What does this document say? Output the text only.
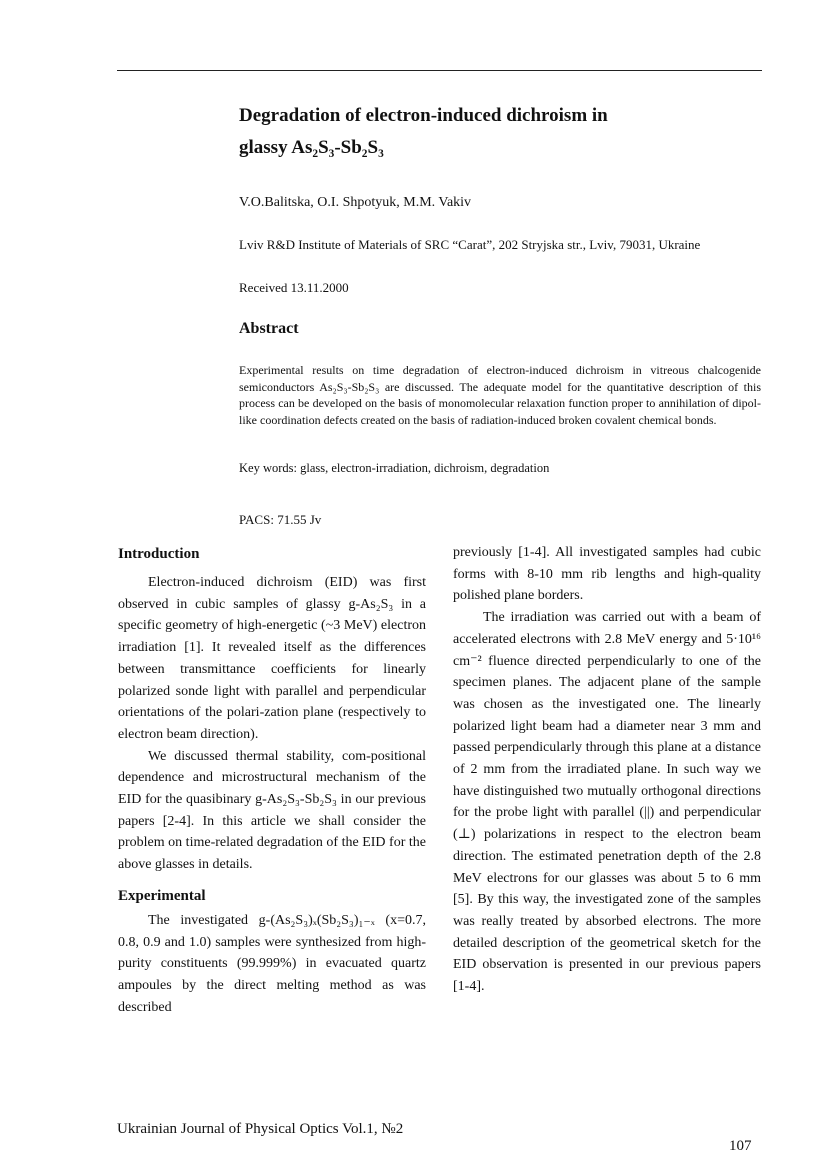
Degradation of electron-induced dichroism in
glassy As₂S₃-Sb₂S₃

V.O.Balitska, O.I. Shpotyuk, M.M. Vakiv

Lviv R&D Institute of Materials of SRC “Carat”, 202 Stryjska str., Lviv, 79031, Ukraine

Received 13.11.2000

Abstract

Experimental results on time degradation of electron-induced dichroism in vitreous chalcogenide semiconductors As₂S₃-Sb₂S₃ are discussed. The adequate model for the quantitative description of this process can be developed on the basis of monomolecular relaxation function proper to annihilation of dipol-like coordination defects created on the basis of radiation-induced broken covalent chemical bonds.

Key words: glass, electron-irradiation, dichroism, degradation

PACS: 71.55 Jv

Introduction

Electron-induced dichroism (EID) was first observed in cubic samples of glassy g-As₂S₃ in a specific geometry of high-energetic (~3 MeV) electron irradiation [1]. It revealed itself as the differences between transmittance coefficients for linearly polarized sonde light with parallel and perpendicular orientations of the polari-zation plane (respectively to electron beam direction).

We discussed thermal stability, com-positional dependence and microstructural mechanism of the EID for the quasibinary g-As₂S₃-Sb₂S₃ in our previous papers [2-4]. In this article we shall consider the problem on time-related degradation of the EID for the above glasses in details.

Experimental

The investigated g-(As₂S₃)ₓ(Sb₂S₃)₁₋ₓ (x=0.7, 0.8, 0.9 and 1.0) samples were synthesized from high-purity constituents (99.999%) in evacuated quartz ampoules by the direct melting method as was described

previously [1-4]. All investigated samples had cubic forms with 8-10 mm rib lengths and high-quality polished plane borders.

The irradiation was carried out with a beam of accelerated electrons with 2.8 MeV energy and 5·10¹⁶ cm⁻² fluence directed perpendicularly to one of the specimen planes. The adjacent plane of the sample was chosen as the investigated one. The linearly polarized light beam had a diameter near 3 mm and passed perpendicularly through this plane at a distance of 2 mm from the irradiated plane. In such way we have distinguished two mutually orthogonal directions for the probe light with parallel (||) and perpendicular (⊥) polarizations in respect to the electron beam direction. The estimated penetration depth of the 2.8 MeV electrons for our glasses was about 5 to 6 mm [5]. By this way, the investigated zone of the samples was really treated by absorbed electrons. The more detailed description of the geometrical sketch for the EID observation is presented in our previous papers [1-4].

Ukrainian Journal of Physical Optics Vol.1, №2

107
